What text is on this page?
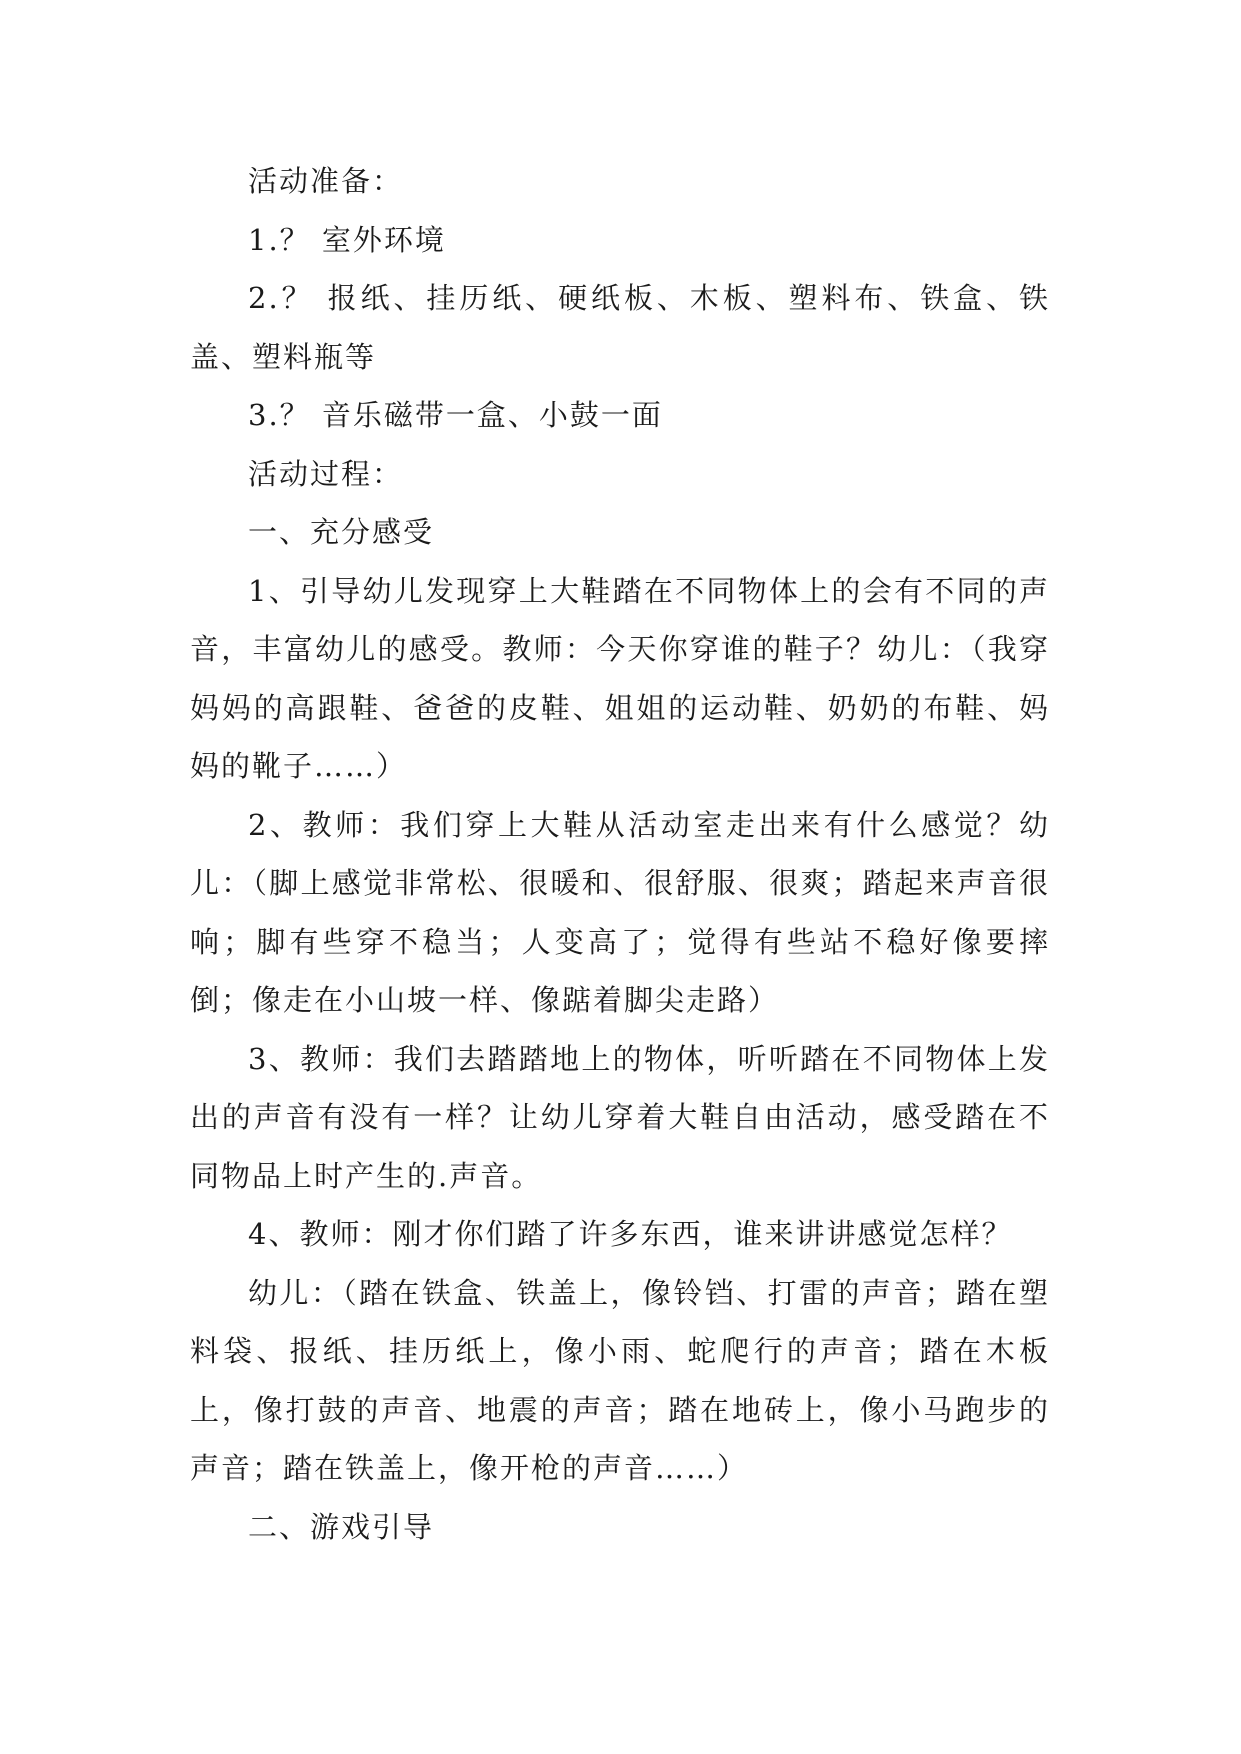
活动准备：

1.？ 室外环境

2.？ 报纸、挂历纸、硬纸板、木板、塑料布、铁盒、铁盖、塑料瓶等

3.？ 音乐磁带一盒、小鼓一面

活动过程：

一、充分感受

1、引导幼儿发现穿上大鞋踏在不同物体上的会有不同的声音，丰富幼儿的感受。教师：今天你穿谁的鞋子？幼儿：（我穿妈妈的高跟鞋、爸爸的皮鞋、姐姐的运动鞋、奶奶的布鞋、妈妈的靴子……）

2、教师：我们穿上大鞋从活动室走出来有什么感觉？幼儿：（脚上感觉非常松、很暖和、很舒服、很爽；踏起来声音很响；脚有些穿不稳当；人变高了；觉得有些站不稳好像要摔倒；像走在小山坡一样、像踮着脚尖走路）

3、教师：我们去踏踏地上的物体，听听踏在不同物体上发出的声音有没有一样？让幼儿穿着大鞋自由活动，感受踏在不同物品上时产生的.声音。

4、教师：刚才你们踏了许多东西，谁来讲讲感觉怎样？

幼儿：（踏在铁盒、铁盖上，像铃铛、打雷的声音；踏在塑料袋、报纸、挂历纸上，像小雨、蛇爬行的声音；踏在木板上，像打鼓的声音、地震的声音；踏在地砖上，像小马跑步的声音；踏在铁盖上，像开枪的声音……）

二、游戏引导
